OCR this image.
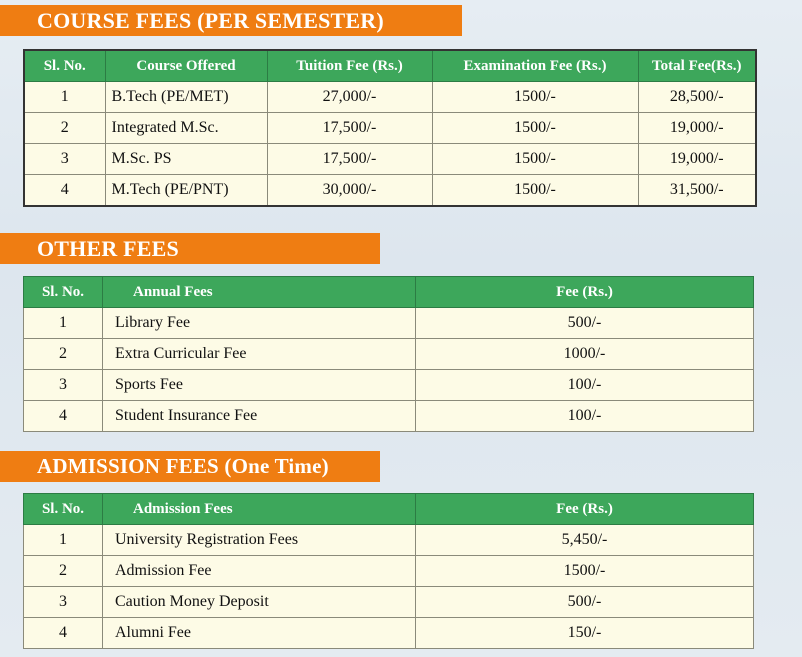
COURSE FEES (PER SEMESTER)
Sl. No.	Course Offered	Tuition Fee (Rs.)	Examination Fee (Rs.)	Total Fee(Rs.)
1	B.Tech (PE/MET)	27,000/-	1500/-	28,500/-
2	Integrated M.Sc.	17,500/-	1500/-	19,000/-
3	M.Sc. PS	17,500/-	1500/-	19,000/-
4	M.Tech (PE/PNT)	30,000/-	1500/-	31,500/-
OTHER FEES
Sl. No.	Annual Fees	Fee (Rs.)
1	Library Fee	500/-
2	Extra Curricular Fee	1000/-
3	Sports Fee	100/-
4	Student Insurance Fee	100/-
ADMISSION FEES (One Time)
Sl. No.	Admission Fees	Fee (Rs.)
1	University Registration Fees	5,450/-
2	Admission Fee	1500/-
3	Caution Money Deposit	500/-
4	Alumni Fee	150/-
